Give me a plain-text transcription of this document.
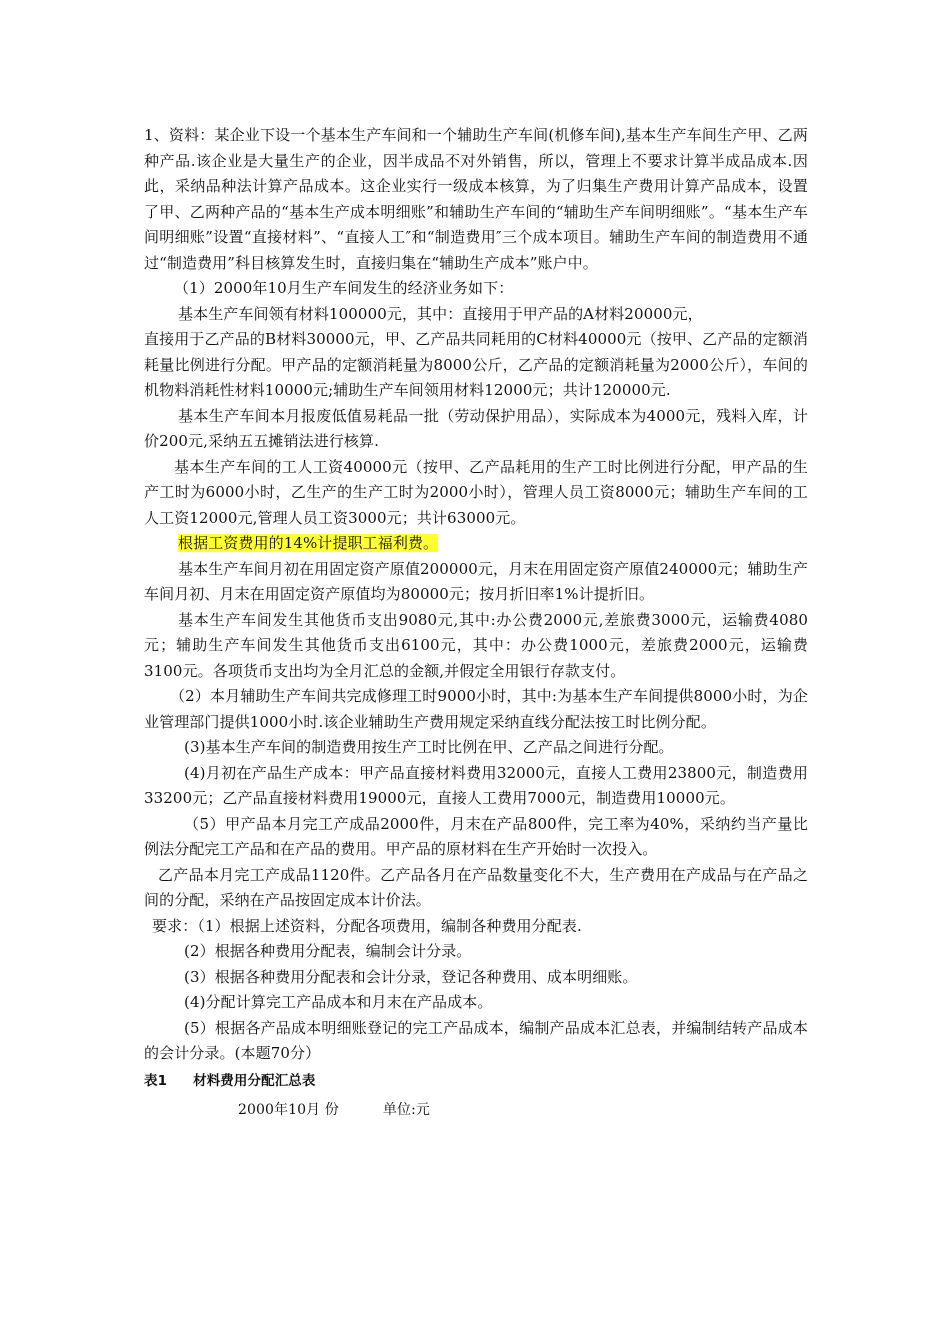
1、资料：某企业下设一个基本生产车间和一个辅助生产车间(机修车间),基本生产车间生产甲、乙两种产品.该企业是大量生产的企业，因半成品不对外销售，所以，管理上不要求计算半成品成本.因此，采纳品种法计算产品成本。这企业实行一级成本核算，为了归集生产费用计算产品成本，设置了甲、乙两种产品的“基本生产成本明细账”和辅助生产车间的“辅助生产车间明细账”。“基本生产车间明细账”设置“直接材料”、“直接人工″和“制造费用″三个成本项目。辅助生产车间的制造费用不通过“制造费用”科目核算发生时，直接归集在“辅助生产成本”账户中。

（1）2000年10月生产车间发生的经济业务如下：

基本生产车间领有材料100000元，其中：直接用于甲产品的A材料20000元，

直接用于乙产品的B材料30000元，甲、乙产品共同耗用的C材料40000元（按甲、乙产品的定额消耗量比例进行分配。甲产品的定额消耗量为8000公斤，乙产品的定额消耗量为2000公斤），车间的机物料消耗性材料10000元;辅助生产车间领用材料12000元；共计120000元.

基本生产车间本月报废低值易耗品一批（劳动保护用品），实际成本为4000元，残料入库，计价200元,采纳五五摊销法进行核算.

基本生产车间的工人工资40000元（按甲、乙产品耗用的生产工时比例进行分配，甲产品的生产工时为6000小时，乙生产的生产工时为2000小时），管理人员工资8000元；辅助生产车间的工人工资12000元,管理人员工资3000元；共计63000元。

根据工资费用的14%计提职工福利费。

基本生产车间月初在用固定资产原值200000元，月末在用固定资产原值240000元；辅助生产车间月初、月末在用固定资产原值均为80000元；按月折旧率1%计提折旧。

基本生产车间发生其他货币支出9080元,其中:办公费2000元,差旅费3000元，运输费4080元；辅助生产车间发生其他货币支出6100元，其中：办公费1000元，差旅费2000元，运输费3100元。各项货币支出均为全月汇总的金额,并假定全用银行存款支付。

（2）本月辅助生产车间共完成修理工时9000小时，其中:为基本生产车间提供8000小时，为企业管理部门提供1000小时.该企业辅助生产费用规定采纳直线分配法按工时比例分配。

(3)基本生产车间的制造费用按生产工时比例在甲、乙产品之间进行分配。

(4)月初在产品生产成本：甲产品直接材料费用32000元，直接人工费用23800元，制造费用33200元；乙产品直接材料费用19000元，直接人工费用7000元，制造费用10000元。

（5）甲产品本月完工产成品2000件，月末在产品800件，完工率为40%，采纳约当产量比例法分配完工产品和在产品的费用。甲产品的原材料在生产开始时一次投入。

乙产品本月完工产成品1120件。乙产品各月在产品数量变化不大，生产费用在产成品与在产品之间的分配，采纳在产品按固定成本计价法。

要求：（1）根据上述资料，分配各项费用，编制各种费用分配表.

(2）根据各种费用分配表，编制会计分录。

(3）根据各种费用分配表和会计分录，登记各种费用、成本明细账。

(4)分配计算完工产品成本和月末在产品成本。

(5）根据各产品成本明细账登记的完工产品成本，编制产品成本汇总表，并编制结转产品成本的会计分录。(本题70分）

表1 材料费用分配汇总表
2000年10月 份	单位:元
